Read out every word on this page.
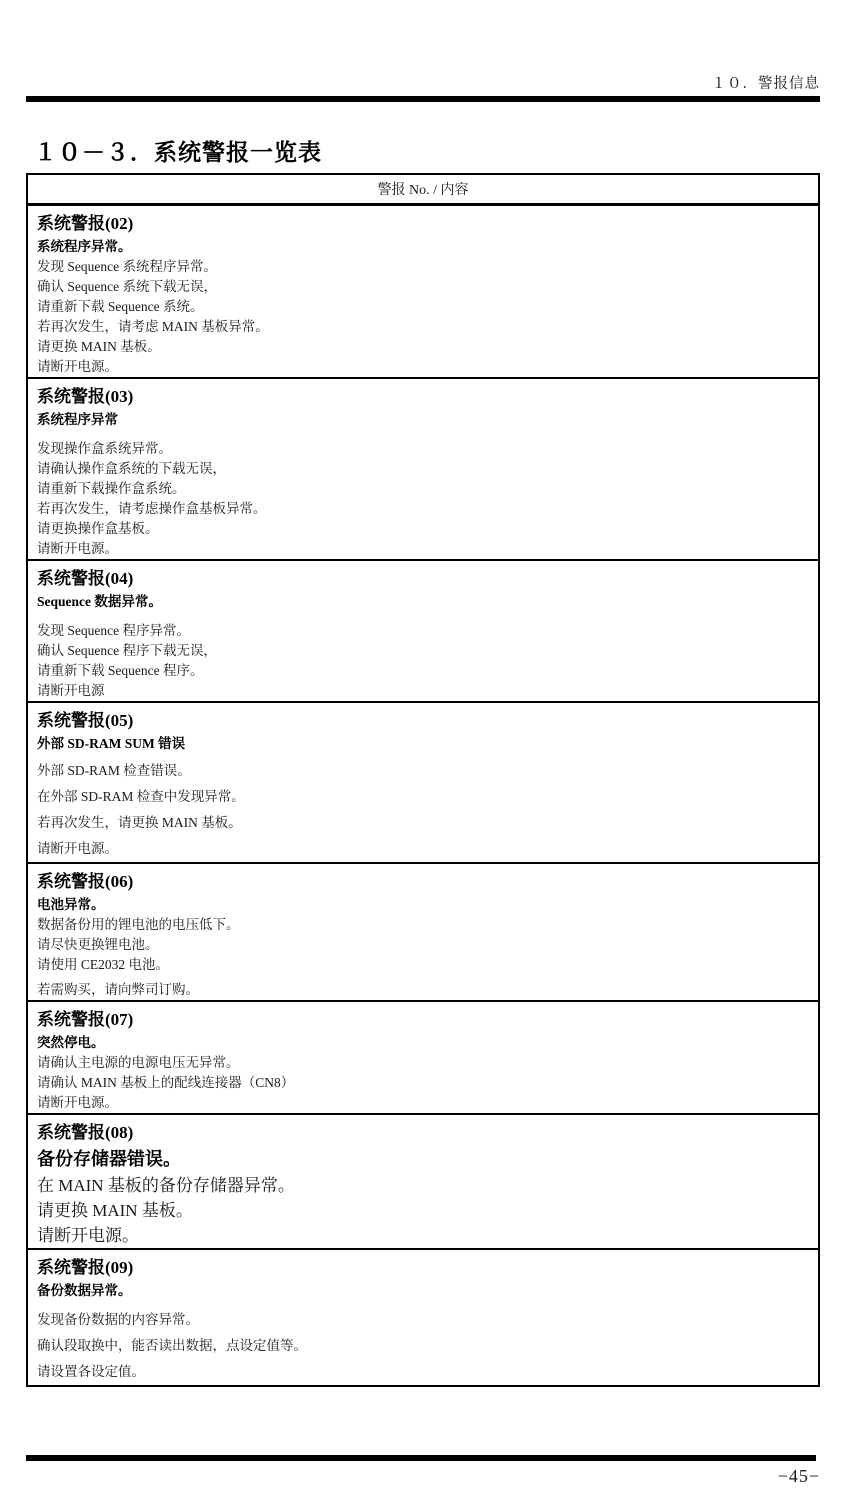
１０．警报信息
１０－３．系统警报一览表
警报 No. / 内容
系统警报(02)
系统程序异常。
发现 Sequence 系统程序异常。
确认 Sequence 系统下载无误，
请重新下载 Sequence 系统。
若再次发生，请考虑 MAIN 基板异常。
请更换 MAIN 基板。
请断开电源。
系统警报(03)
系统程序异常
发现操作盒系统异常。
请确认操作盒系统的下载无误，
请重新下载操作盒系统。
若再次发生，请考虑操作盒基板异常。
请更换操作盒基板。
请断开电源。
系统警报(04)
Sequence 数据异常。
发现 Sequence 程序异常。
确认 Sequence 程序下载无误，
请重新下载 Sequence 程序。
请断开电源
系统警报(05)
外部 SD-RAM SUM 错误
外部 SD-RAM 检查错误。
在外部 SD-RAM 检查中发现异常。
若再次发生，请更换 MAIN 基板。
请断开电源。
系统警报(06)
电池异常。
数据备份用的锂电池的电压低下。
请尽快更换锂电池。
请使用 CE2032 电池。
若需购买，请向弊司订购。
系统警报(07)
突然停电。
请确认主电源的电源电压无异常。
请确认 MAIN 基板上的配线连接器（CN8）
请断开电源。
系统警报(08)
备份存储器错误。
在 MAIN 基板的备份存储器异常。
请更换 MAIN 基板。
请断开电源。
系统警报(09)
备份数据异常。
发现备份数据的内容异常。
确认段取换中，能否读出数据，点设定值等。
请设置各设定值。
−45−
